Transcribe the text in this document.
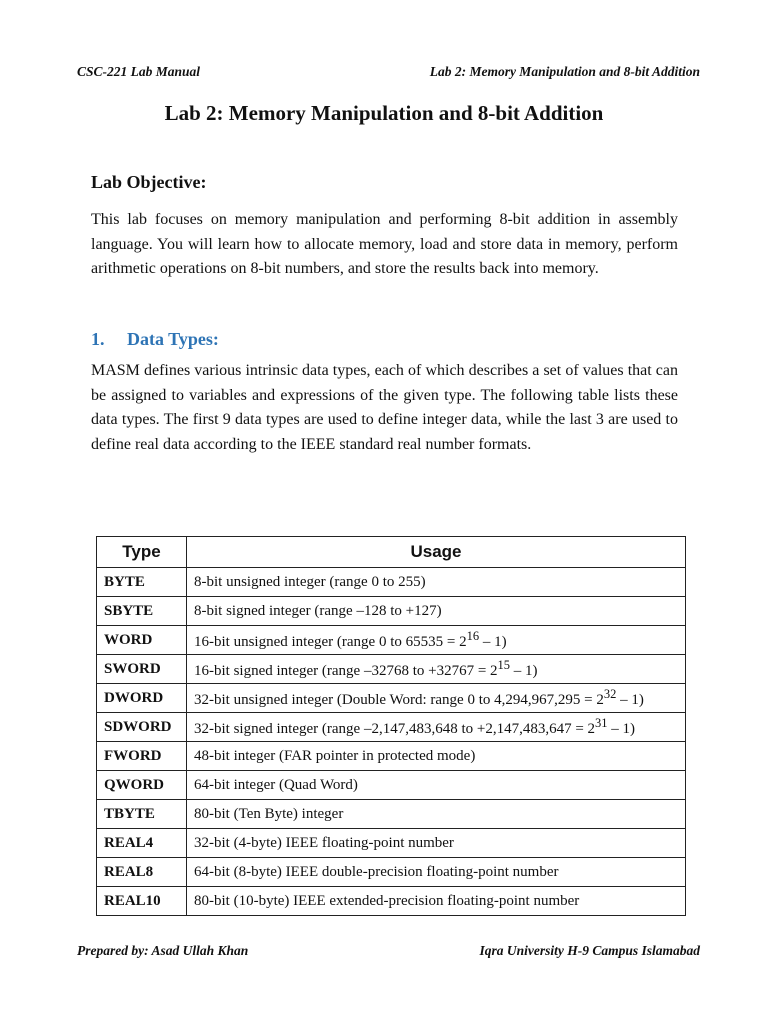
CSC-221 Lab Manual	Lab 2: Memory Manipulation and 8-bit Addition
Lab 2: Memory Manipulation and 8-bit Addition
Lab Objective:

This lab focuses on memory manipulation and performing 8-bit addition in assembly language. You will learn how to allocate memory, load and store data in memory, perform arithmetic operations on 8-bit numbers, and store the results back into memory.

1. Data Types:

MASM defines various intrinsic data types, each of which describes a set of values that can be assigned to variables and expressions of the given type. The following table lists these data types. The first 9 data types are used to define integer data, while the last 3 are used to define real data according to the IEEE standard real number formats.

Type	Usage
BYTE	8-bit unsigned integer (range 0 to 255)
SBYTE	8-bit signed integer (range –128 to +127)
WORD	16-bit unsigned integer (range 0 to $65535 = 2^{16} - 1$)
SWORD	16-bit signed integer (range –32768 to $+32767 = 2^{15} - 1$)
DWORD	32-bit unsigned integer (Double Word: range 0 to $4,294,967,295 = 2^{32} - 1$)
SDWORD	32-bit signed integer (range –2,147,483,648 to $+2,147,483,647 = 2^{31} - 1$)
FWORD	48-bit integer (FAR pointer in protected mode)
QWORD	64-bit integer (Quad Word)
TBYTE	80-bit (Ten Byte) integer
REAL4	32-bit (4-byte) IEEE floating-point number
REAL8	64-bit (8-byte) IEEE double-precision floating-point number
REAL10	80-bit (10-byte) IEEE extended-precision floating-point number
Prepared by: Asad Ullah Khan	Iqra University H-9 Campus Islamabad
